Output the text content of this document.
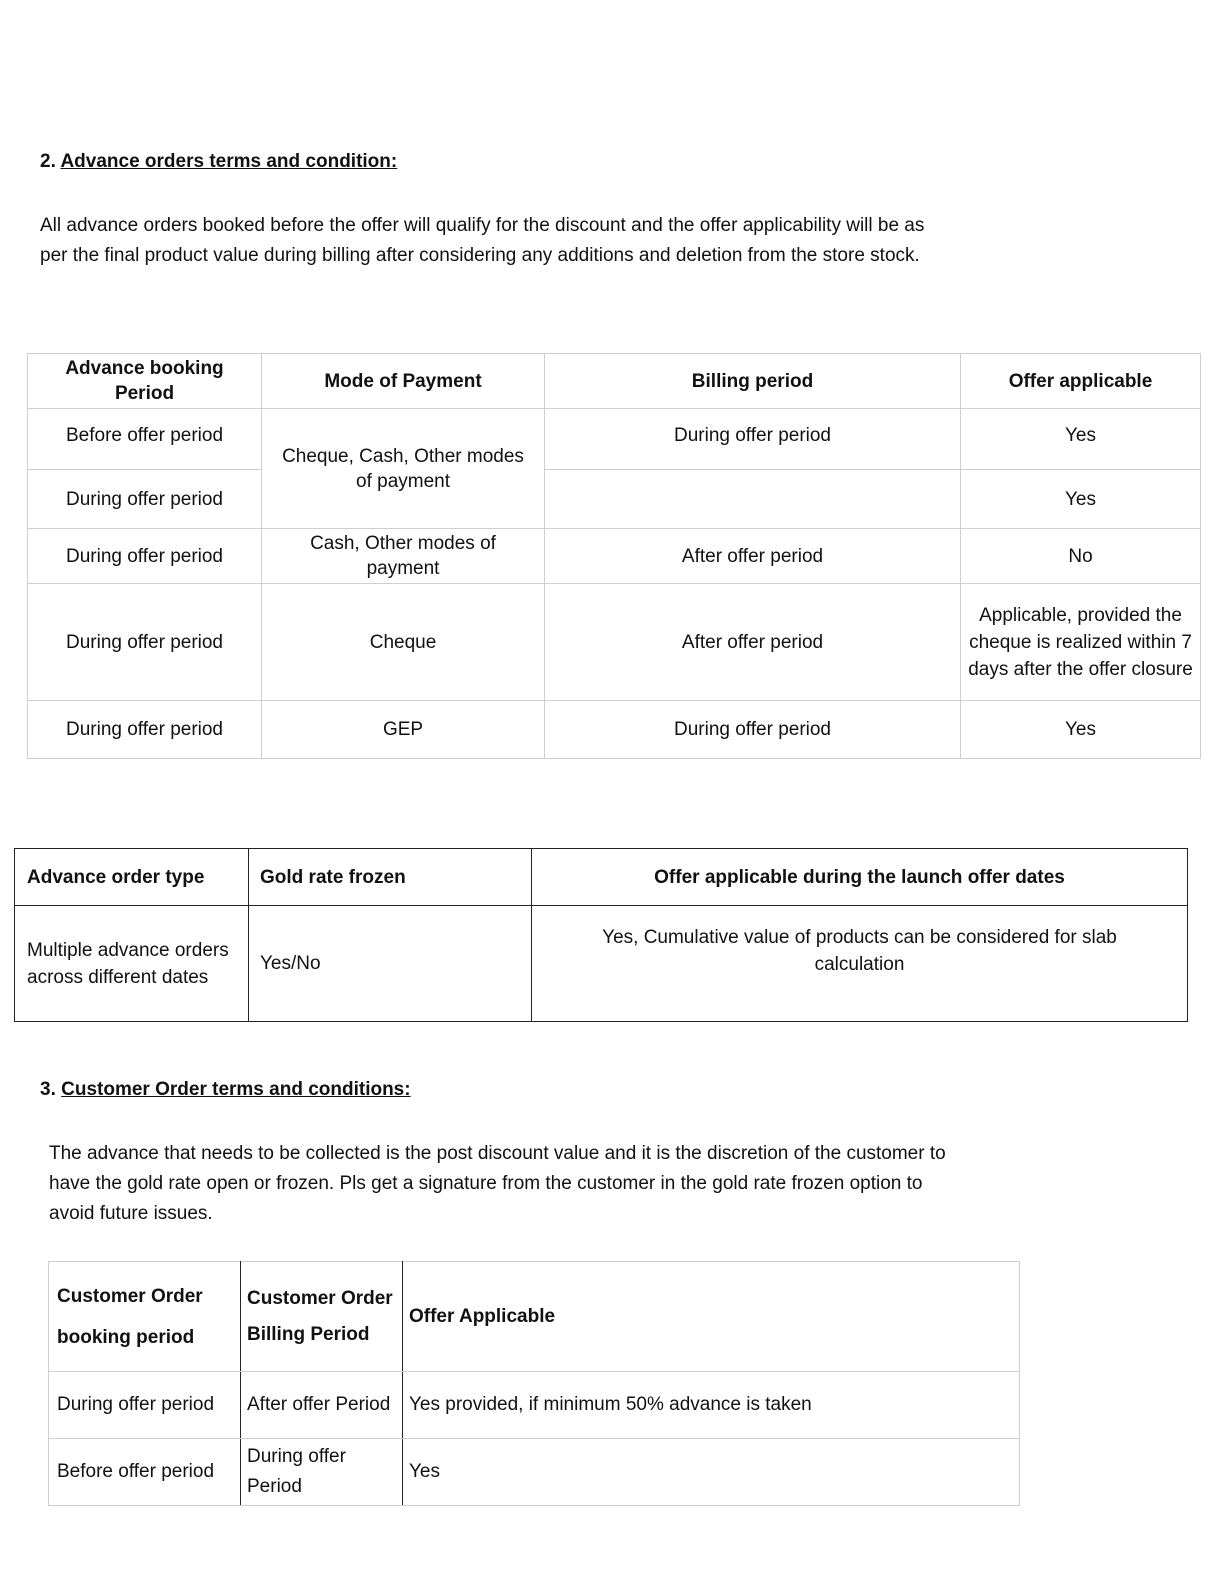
2. Advance orders terms and condition:
All advance orders booked before the offer will qualify for the discount and the offer applicability will be as
per the final product value during billing after considering any additions and deletion from the store stock.
Advance booking Period	Mode of Payment	Billing period	Offer applicable
Before offer period	Cheque, Cash, Other modes of payment	During offer period	Yes
During offer period			Yes
During offer period	Cash, Other modes of payment	After offer period	No
During offer period	Cheque	After offer period	Applicable, provided the cheque is realized within 7 days after the offer closure
During offer period	GEP	During offer period	Yes
Advance order type	Gold rate frozen	Offer applicable during the launch offer dates
Multiple advance orders across different dates	Yes/No	Yes, Cumulative value of products can be considered for slab calculation
3. Customer Order terms and conditions:
The advance that needs to be collected is the post discount value and it is the discretion of the customer to
have the gold rate open or frozen. Pls get a signature from the customer in the gold rate frozen option to
avoid future issues.
Customer Order booking period	Customer Order Billing Period	Offer Applicable
During offer period	After offer Period	Yes provided, if minimum 50% advance is taken
Before offer period	During offer Period	Yes
